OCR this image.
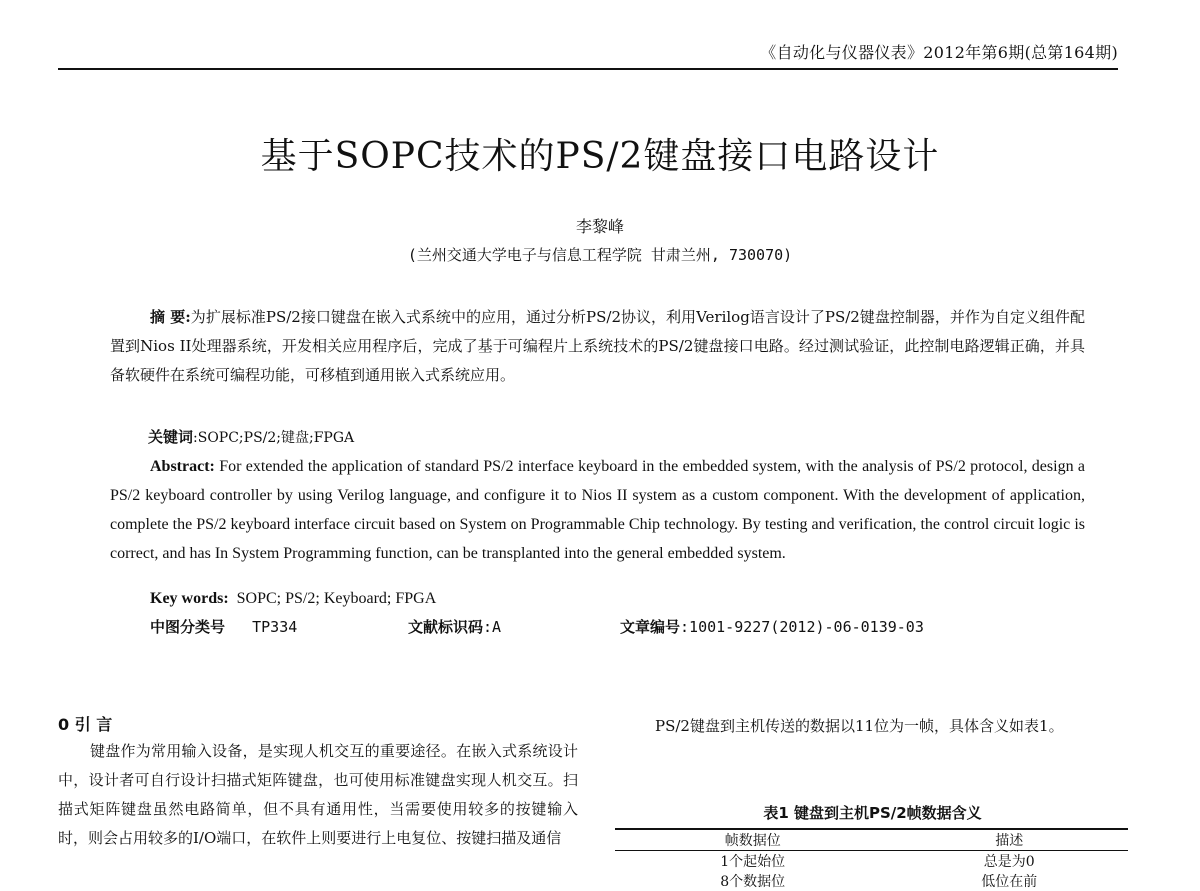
《自动化与仪器仪表》2012年第6期(总第164期)
基于SOPC技术的PS/2键盘接口电路设计
李黎峰
(兰州交通大学电子与信息工程学院 甘肃兰州, 730070)
摘 要:为扩展标准PS/2接口键盘在嵌入式系统中的应用，通过分析PS/2协议，利用Verilog语言设计了PS/2键盘控制器，并作为自定义组件配置到Nios II处理器系统，开发相关应用程序后，完成了基于可编程片上系统技术的PS/2键盘接口电路。经过测试验证，此控制电路逻辑正确，并具备软硬件在系统可编程功能，可移植到通用嵌入式系统应用。
关键词:SOPC;PS/2;键盘;FPGA
Abstract: For extended the application of standard PS/2 interface keyboard in the embedded system, with the analysis of PS/2 protocol, design a PS/2 keyboard controller by using Verilog language, and configure it to Nios II system as a custom component. With the development of application, complete the PS/2 keyboard interface circuit based on System on Programmable Chip technology. By testing and verification, the control circuit logic is correct, and has In System Programming function, can be transplanted into the general embedded system.
Key words: SOPC; PS/2; Keyboard; FPGA
中图分类号 TP334	文献标识码:A	文章编号:1001-9227(2012)-06-0139-03
0 引 言
键盘作为常用输入设备，是实现人机交互的重要途径。在嵌入式系统设计中，设计者可自行设计扫描式矩阵键盘，也可使用标准键盘实现人机交互。扫描式矩阵键盘虽然电路简单，但不具有通用性，当需要使用较多的按键输入时，则会占用较多的I/O端口，在软件上则要进行上电复位、按键扫描及通信
PS/2键盘到主机传送的数据以11位为一帧，具体含义如表1。
表1 键盘到主机PS/2帧数据含义
帧数据位	描述
1个起始位	总是为0
8个数据位	低位在前
